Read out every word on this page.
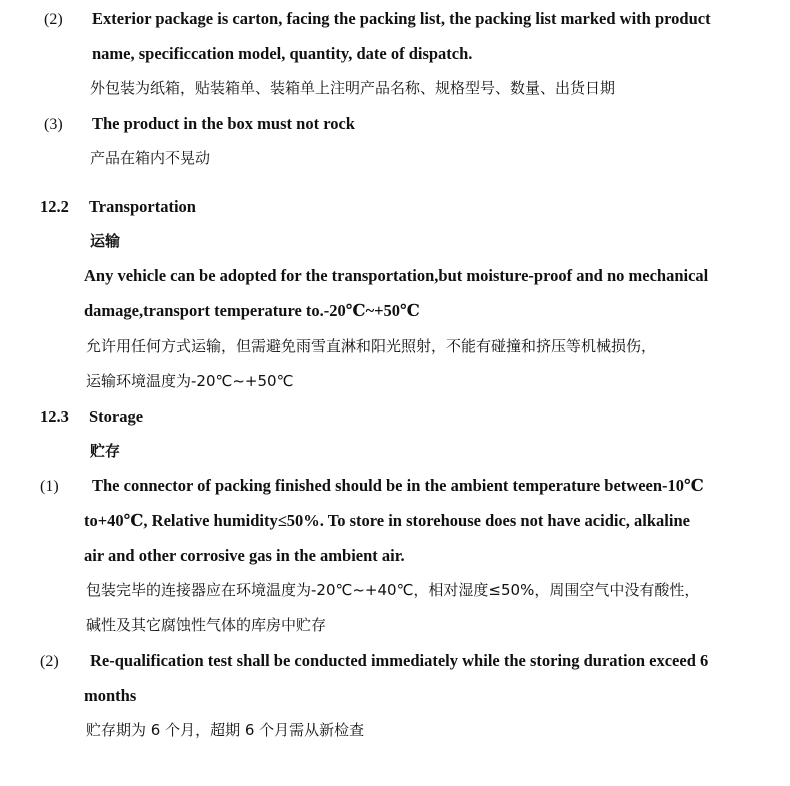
(2) Exterior package is carton, facing the packing list, the packing list marked with product
name, specificcation model, quantity, date of dispatch.
外包装为纸箱，贴装箱单、装箱单上注明产品名称、规格型号、数量、出货日期
(3) The product in the box must not rock
产品在箱内不晃动
12.2 Transportation
运输
Any vehicle can be adopted for the transportation,but moisture-proof and no mechanical
damage,transport temperature to.-20℃~+50℃
允许用任何方式运输，但需避免雨雪直淋和阳光照射，不能有碰撞和挤压等机械损伤，
运输环境温度为-20℃~+50℃
12.3 Storage
贮存
(1) The connector of packing finished should be in the ambient temperature between-10℃
to+40℃, Relative humidity≤50%. To store in storehouse does not have acidic, alkaline
air and other corrosive gas in the ambient air.
包装完毕的连接器应在环境温度为-20℃~+40℃，相对湿度≤50%，周围空气中没有酸性，
碱性及其它腐蚀性气体的库房中贮存
(2) Re-qualification test shall be conducted immediately while the storing duration exceed 6
months
贮存期为 6 个月，超期 6 个月需从新检查
